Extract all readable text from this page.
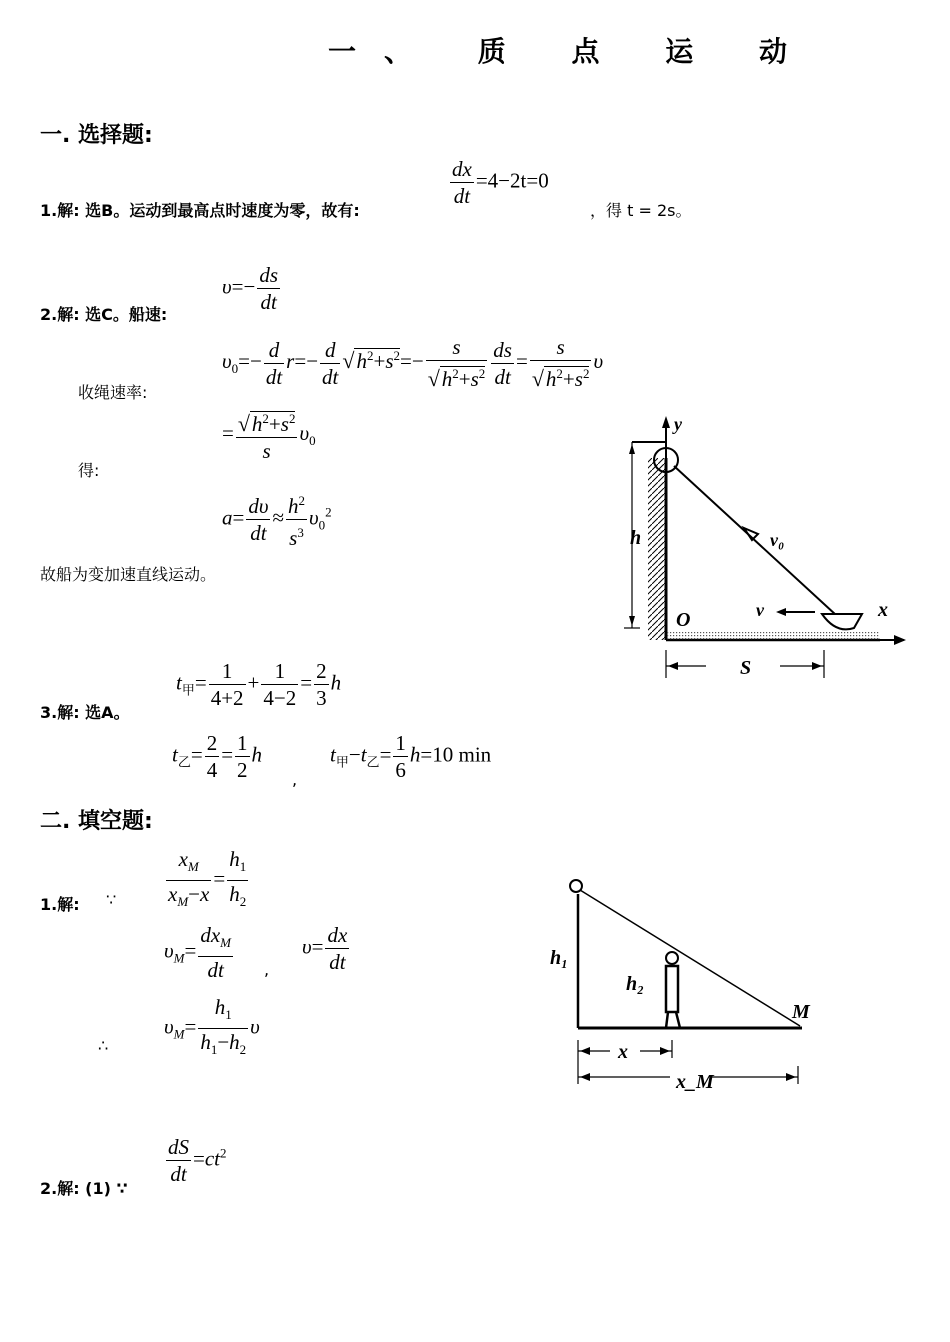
一、 质 点 运 动
一. 选择题:
1.解: 选B。运动到最高点时速度为零，故有:
$\frac{dx}{dt} =4-2t=0$
，得 t = 2s。
2.解: 选C。船速:
$\upsilon=- \frac{ds}{dt}$
收绳速率:
$\upsilon_0=- \frac{d}{dt} r=- \frac{d}{dt} √h^2+s^2=- \frac{s}{√h^2+s^2} \frac{ds}{dt} = \frac{s}{√h^2+s^2}$ υ
得:
= $\frac{√h^2+s^2}{s} \upsilon_0$
$a= \frac{d\upsilon}{dt} \approx \frac{h^2}{s^3} \upsilon_0^2$
故船为变加速直线运动。
y
h	v₀
v
O	x
S
3.解: 选A。
$t_甲= \frac{1}{4+2} + \frac{1}{4-2} = \frac{2}{3}$ h
$t_乙= \frac{2}{4} = \frac{1}{2}$ h
,
$t_甲-t_乙= \frac{1}{6} h=10$ min
二. 填空题:
1.解: ∵ $\frac{x_M}{x_M-x} = \frac{h_1}{h_2}$
$\upsilon_M= \frac{dx_M}{dt}$ ,
$\upsilon= \frac{dx}{dt}$
∴
$\upsilon_M= \frac{h_1}{h_1-h_2}$ υ
h₁
h₂
M
x
x_M
2.解: (1) ∵
$\frac{dS}{dt} =ct^2$
